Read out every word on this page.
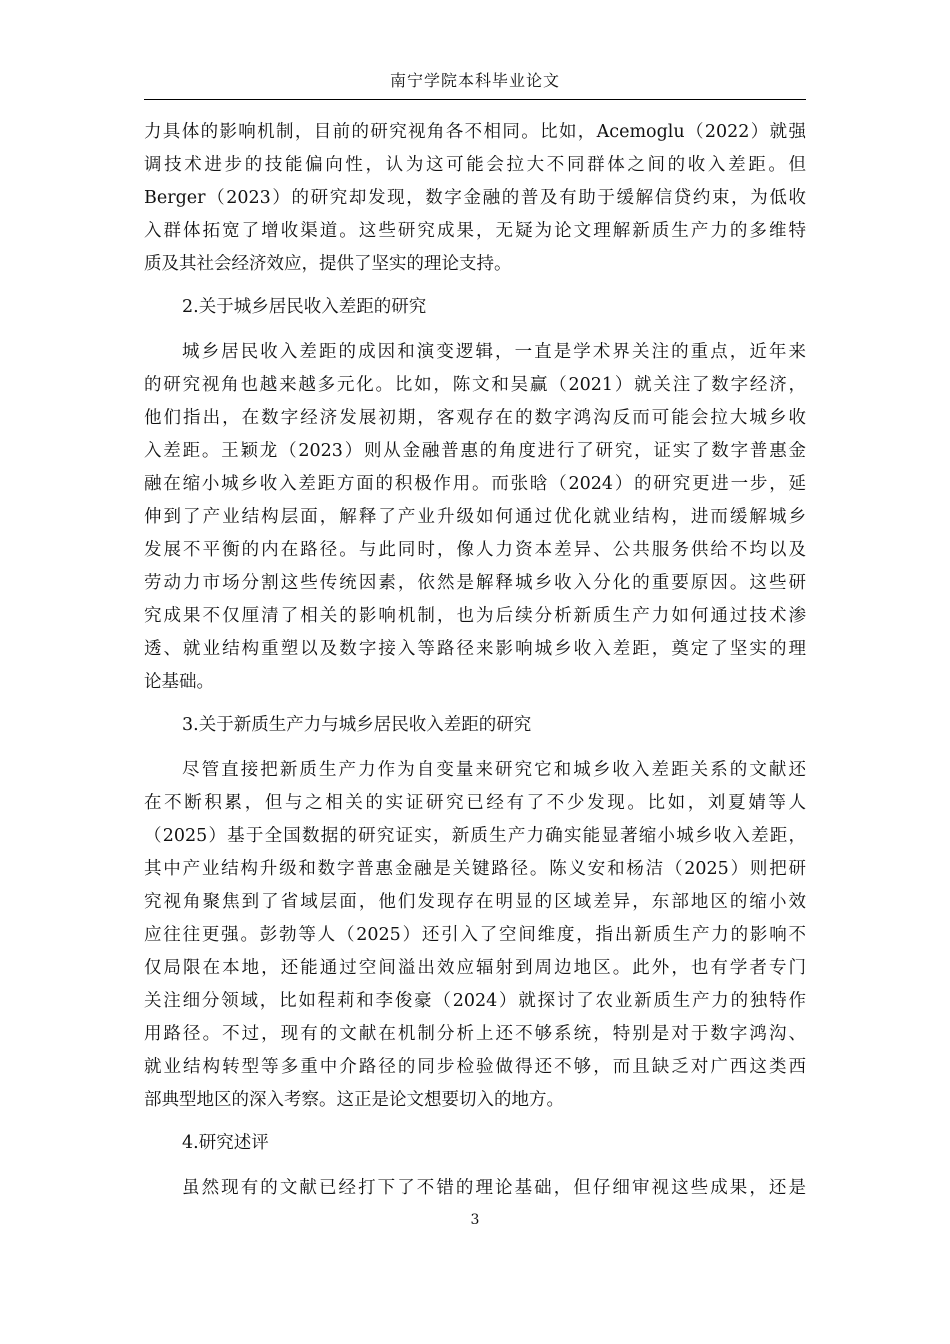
南宁学院本科毕业论文
力具体的影响机制，目前的研究视角各不相同。比如，Acemoglu（2022）就强
调技术进步的技能偏向性，认为这可能会拉大不同群体之间的收入差距。但
Berger（2023）的研究却发现，数字金融的普及有助于缓解信贷约束，为低收
入群体拓宽了增收渠道。这些研究成果，无疑为论文理解新质生产力的多维特
质及其社会经济效应，提供了坚实的理论支持。
2.关于城乡居民收入差距的研究
城乡居民收入差距的成因和演变逻辑，一直是学术界关注的重点，近年来
的研究视角也越来越多元化。比如，陈文和吴赢（2021）就关注了数字经济，
他们指出，在数字经济发展初期，客观存在的数字鸿沟反而可能会拉大城乡收
入差距。王颖龙（2023）则从金融普惠的角度进行了研究，证实了数字普惠金
融在缩小城乡收入差距方面的积极作用。而张晗（2024）的研究更进一步，延
伸到了产业结构层面，解释了产业升级如何通过优化就业结构，进而缓解城乡
发展不平衡的内在路径。与此同时，像人力资本差异、公共服务供给不均以及
劳动力市场分割这些传统因素，依然是解释城乡收入分化的重要原因。这些研
究成果不仅厘清了相关的影响机制，也为后续分析新质生产力如何通过技术渗
透、就业结构重塑以及数字接入等路径来影响城乡收入差距，奠定了坚实的理
论基础。
3.关于新质生产力与城乡居民收入差距的研究
尽管直接把新质生产力作为自变量来研究它和城乡收入差距关系的文献还
在不断积累，但与之相关的实证研究已经有了不少发现。比如，刘夏婧等人
（2025）基于全国数据的研究证实，新质生产力确实能显著缩小城乡收入差距，
其中产业结构升级和数字普惠金融是关键路径。陈义安和杨洁（2025）则把研
究视角聚焦到了省域层面，他们发现存在明显的区域差异，东部地区的缩小效
应往往更强。彭勃等人（2025）还引入了空间维度，指出新质生产力的影响不
仅局限在本地，还能通过空间溢出效应辐射到周边地区。此外，也有学者专门
关注细分领域，比如程莉和李俊豪（2024）就探讨了农业新质生产力的独特作
用路径。不过，现有的文献在机制分析上还不够系统，特别是对于数字鸿沟、
就业结构转型等多重中介路径的同步检验做得还不够，而且缺乏对广西这类西
部典型地区的深入考察。这正是论文想要切入的地方。
4.研究述评
虽然现有的文献已经打下了不错的理论基础，但仔细审视这些成果，还是
3
